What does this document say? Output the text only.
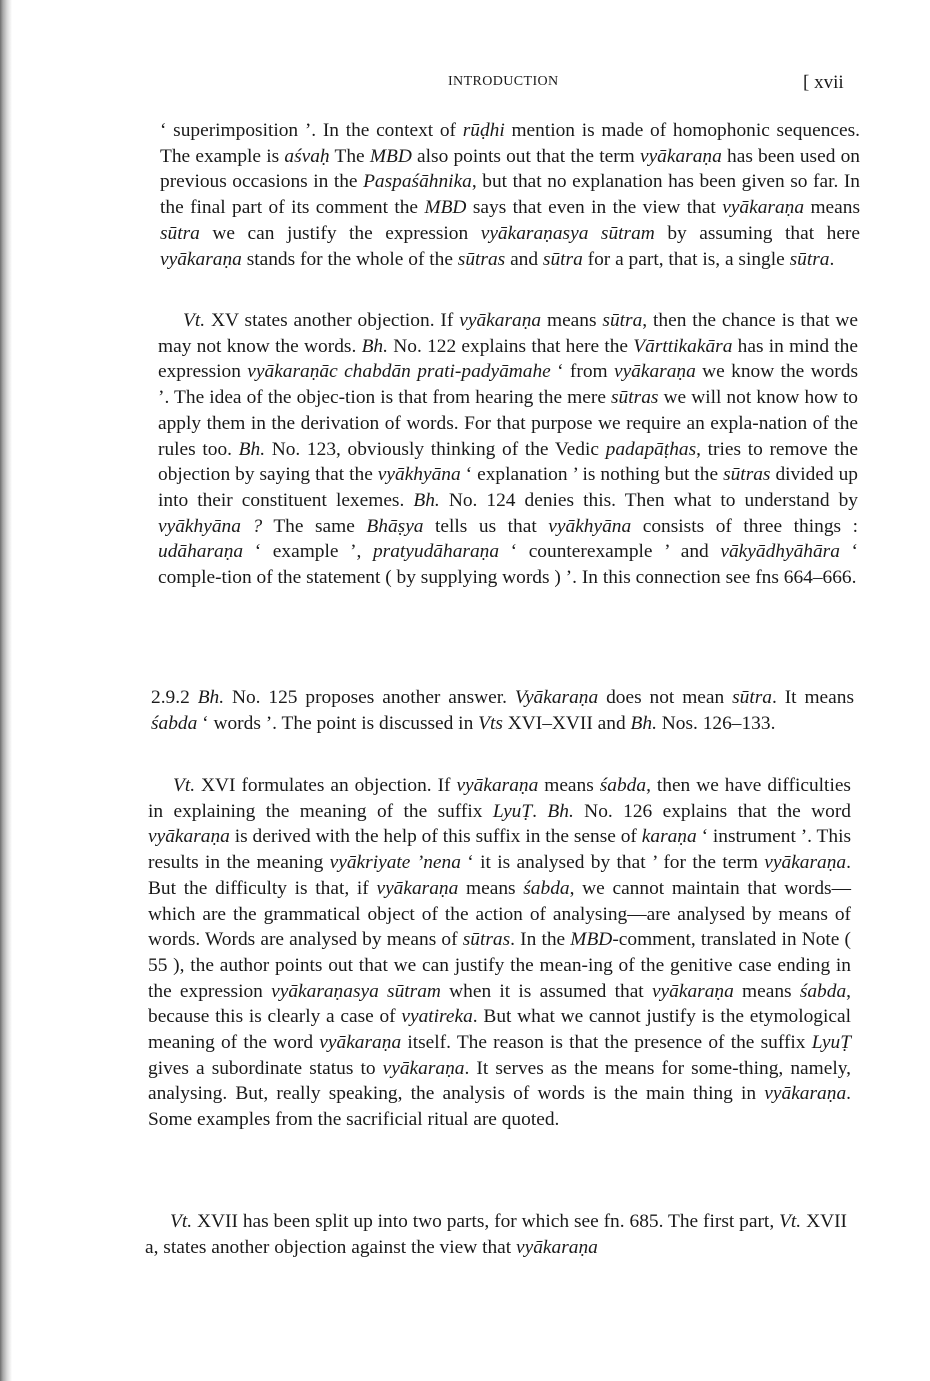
INTRODUCTION	[ xvii

‘ superimposition ’. In the context of rūḍhi mention is made of homophonic sequences. The example is aśvaḥ The MBD also points out that the term vyākaraṇa has been used on previous occasions in the Paspaśāhnika, but that no explanation has been given so far. In the final part of its comment the MBD says that even in the view that vyākaraṇa means sūtra we can justify the expression vyākaraṇasya sūtram by assuming that here vyākaraṇa stands for the whole of the sūtras and sūtra for a part, that is, a single sūtra.

Vt. XV states another objection. If vyākaraṇa means sūtra, then the chance is that we may not know the words. Bh. No. 122 explains that here the Vārttikakāra has in mind the expression vyākaraṇāc chabdān prati-padyāmahe ‘ from vyākaraṇa we know the words ’. The idea of the objec-tion is that from hearing the mere sūtras we will not know how to apply them in the derivation of words. For that purpose we require an expla-nation of the rules too. Bh. No. 123, obviously thinking of the Vedic padapāṭhas, tries to remove the objection by saying that the vyākhyāna ‘ explanation ’ is nothing but the sūtras divided up into their constituent lexemes. Bh. No. 124 denies this. Then what to understand by vyākhyāna ? The same Bhāṣya tells us that vyākhyāna consists of three things : udāharaṇa ‘ example ’, pratyudāharaṇa ‘ counterexample ’ and vākyādhyāhāra ‘ comple-tion of the statement ( by supplying words ) ’. In this connection see fns 664–666.

2.9.2 Bh. No. 125 proposes another answer. Vyākaraṇa does not mean sūtra. It means śabda ‘ words ’. The point is discussed in Vts XVI–XVII and Bh. Nos. 126–133.

Vt. XVI formulates an objection. If vyākaraṇa means śabda, then we have difficulties in explaining the meaning of the suffix LyuṬ. Bh. No. 126 explains that the word vyākaraṇa is derived with the help of this suffix in the sense of karaṇa ‘ instrument ’. This results in the meaning vyākriyate ’nena ‘ it is analysed by that ’ for the term vyākaraṇa. But the difficulty is that, if vyākaraṇa means śabda, we cannot maintain that words—which are the grammatical object of the action of analysing—are analysed by means of words. Words are analysed by means of sūtras. In the MBD-comment, translated in Note ( 55 ), the author points out that we can justify the mean-ing of the genitive case ending in the expression vyākaraṇasya sūtram when it is assumed that vyākaraṇa means śabda, because this is clearly a case of vyatireka. But what we cannot justify is the etymological meaning of the word vyākaraṇa itself. The reason is that the presence of the suffix LyuṬ gives a subordinate status to vyākaraṇa. It serves as the means for some-thing, namely, analysing. But, really speaking, the analysis of words is the main thing in vyākaraṇa. Some examples from the sacrificial ritual are quoted.

Vt. XVII has been split up into two parts, for which see fn. 685. The first part, Vt. XVII a, states another objection against the view that vyākaraṇa
